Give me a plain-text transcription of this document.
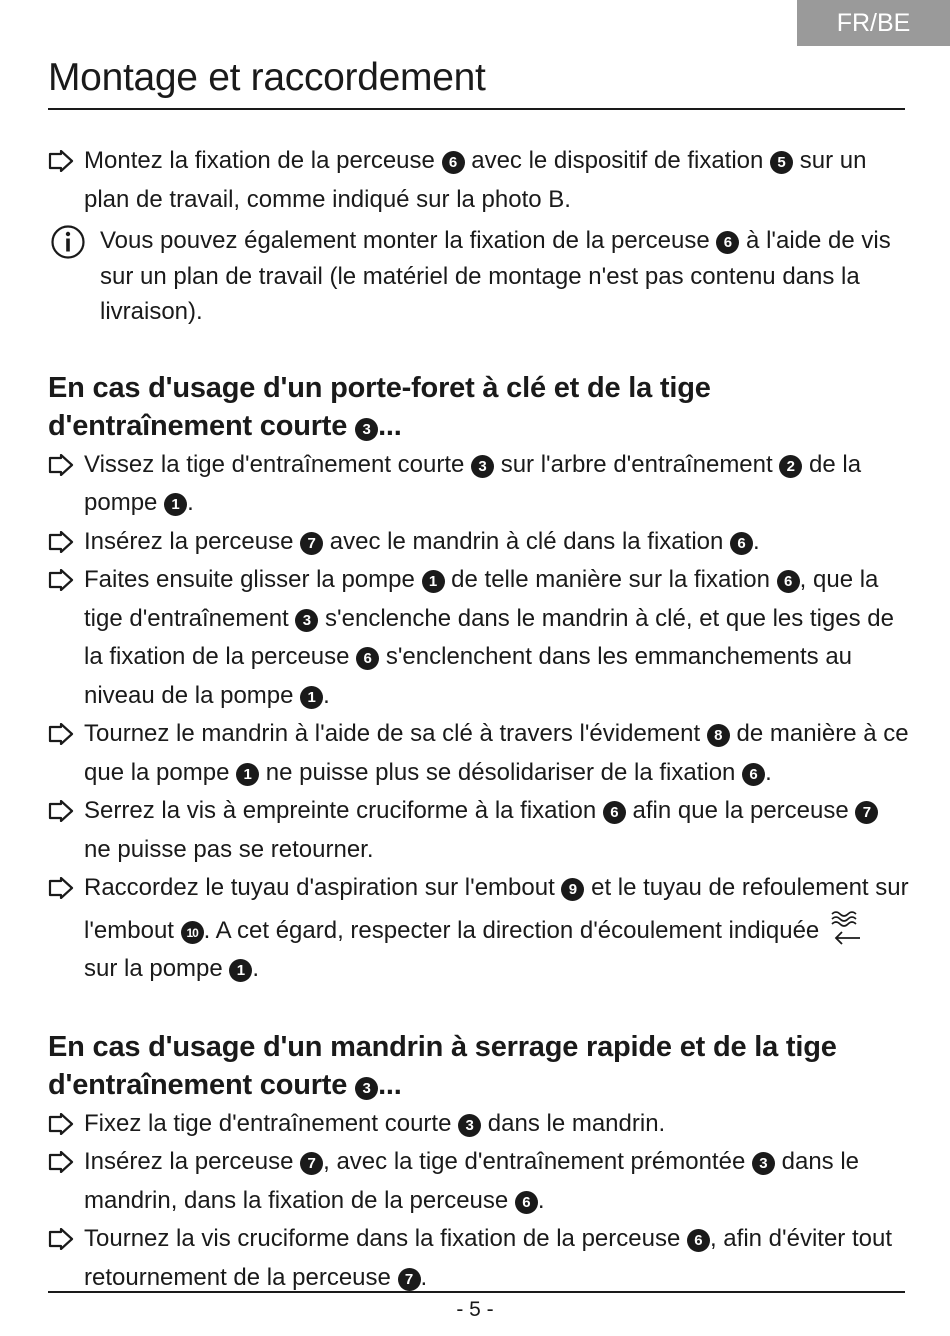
FR/BE
Montage et raccordement
Montez la fixation de la perceuse 6 avec le dispositif de fixation 5 sur un plan de travail, comme indiqué sur la photo B.
Vous pouvez également monter la fixation de la perceuse 6 à l'aide de vis sur un plan de travail (le matériel de montage n'est pas contenu dans la livraison).
En cas d'usage d'un porte-foret à clé et de la tige d'entraînement courte 3 ...
Vissez la tige d'entraînement courte 3 sur l'arbre d'entraînement 2 de la pompe 1 .
Insérez la perceuse 7 avec le mandrin à clé dans la fixation 6 .
Faites ensuite glisser la pompe 1 de telle manière sur la fixation 6 , que la tige d'entraînement 3 s'enclenche dans le mandrin à clé, et que les tiges de la fixation de la perceuse 6 s'enclenchent dans les emmanchements au niveau de la pompe 1 .
Tournez le mandrin à l'aide de sa clé à travers l'évidement 8 de manière à ce que la pompe 1 ne puisse plus se désolidariser de la fixation 6 .
Serrez la vis à empreinte cruciforme à la fixation 6 afin que la perceuse 7 ne puisse pas se retourner.
Raccordez le tuyau d'aspiration sur l'embout 9 et le tuyau de refoulement sur l'embout 10 . A cet égard, respecter la direction d'écoulement indiquée  sur la pompe 1 .
En cas d'usage d'un mandrin à serrage rapide et de la tige d'entraînement courte 3 ...
Fixez la tige d'entraînement courte 3 dans le mandrin.
Insérez la perceuse 7 , avec la tige d'entraînement prémontée 3 dans le mandrin, dans la fixation de la perceuse 6 .
Tournez la vis cruciforme dans la fixation de la perceuse 6 , afin d'éviter tout retournement de la perceuse 7 .
- 5 -
